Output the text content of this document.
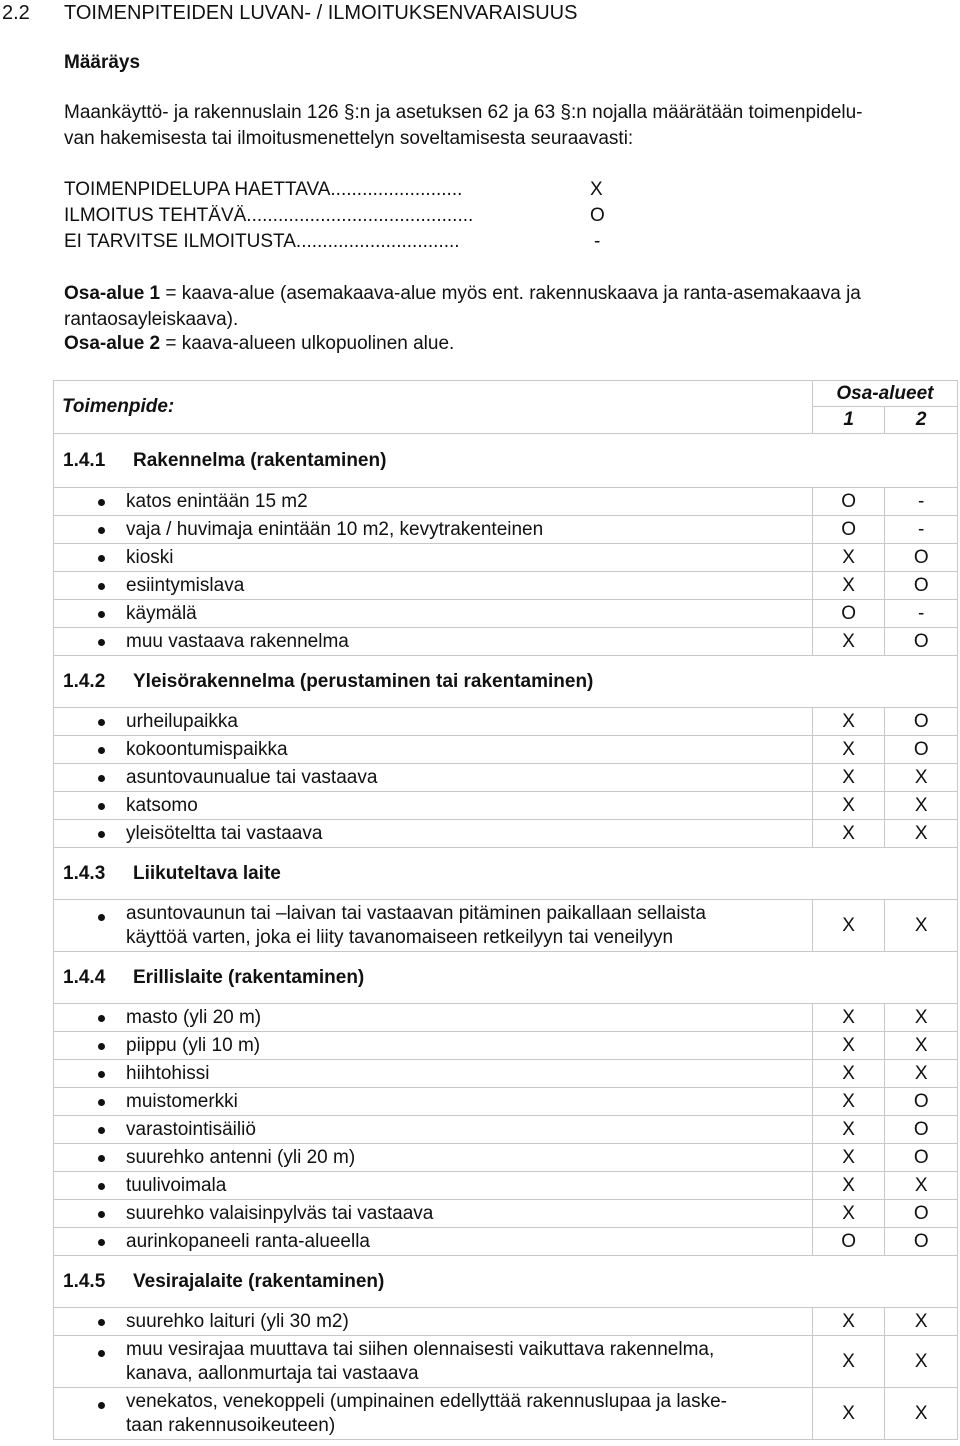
2.2 TOIMENPITEIDEN LUVAN- / ILMOITUKSENVARAISUUS
Määräys
Maankäyttö- ja rakennuslain 126 §:n ja asetuksen 62 ja 63 §:n nojalla määrätään toimenpidelu-
van hakemisesta tai ilmoitusmenettelyn soveltamisesta seuraavasti:
TOIMENPIDELUPA HAETTAVA.........................	X
ILMOITUS TEHTÄVÄ...........................................	O
EI TARVITSE ILMOITUSTA...............................	-
Osa-alue 1 = kaava-alue (asemakaava-alue myös ent. rakennuskaava ja ranta-asemakaava ja
rantaosayleiskaava).
Osa-alue 2 = kaava-alueen ulkopuolinen alue.
Toimenpide:	Osa-alueet	
	1	2
1.4.1 Rakennelma (rakentaminen)		

katos enintään 15 m2	O	-

vaja / huvimaja enintään 10 m2, kevytrakenteinen	O	-

kioski	X	O

esiintymislava	X	O

käymälä	O	-

muu vastaava rakennelma	X	O
1.4.2 Yleisörakennelma (perustaminen tai rakentaminen)		

urheilupaikka	X	O

kokoontumispaikka	X	O

asuntovaunualue tai vastaava	X	X

katsomo	X	X

yleisöteltta tai vastaava	X	X
1.4.3 Liikuteltava laite		

asuntovaunun tai –laivan tai vastaavan pitäminen paikallaan sellaista
käyttöä varten, joka ei liity tavanomaiseen retkeilyyn tai veneilyyn	X	X
1.4.4 Erillislaite (rakentaminen)		

masto (yli 20 m)	X	X

piippu (yli 10 m)	X	X

hiihtohissi	X	X

muistomerkki	X	O

varastointisäiliö	X	O

suurehko antenni (yli 20 m)	X	O

tuulivoimala	X	X

suurehko valaisinpylväs tai vastaava	X	O

aurinkopaneeli ranta-alueella	O	O
1.4.5 Vesirajalaite (rakentaminen)		

suurehko laituri (yli 30 m2)	X	X

muu vesirajaa muuttava tai siihen olennaisesti vaikuttava rakennelma,
kanava, aallonmurtaja tai vastaava	X	X

venekatos, venekoppeli (umpinainen edellyttää rakennuslupaa ja laske-
taan rakennusoikeuteen)	X	X
